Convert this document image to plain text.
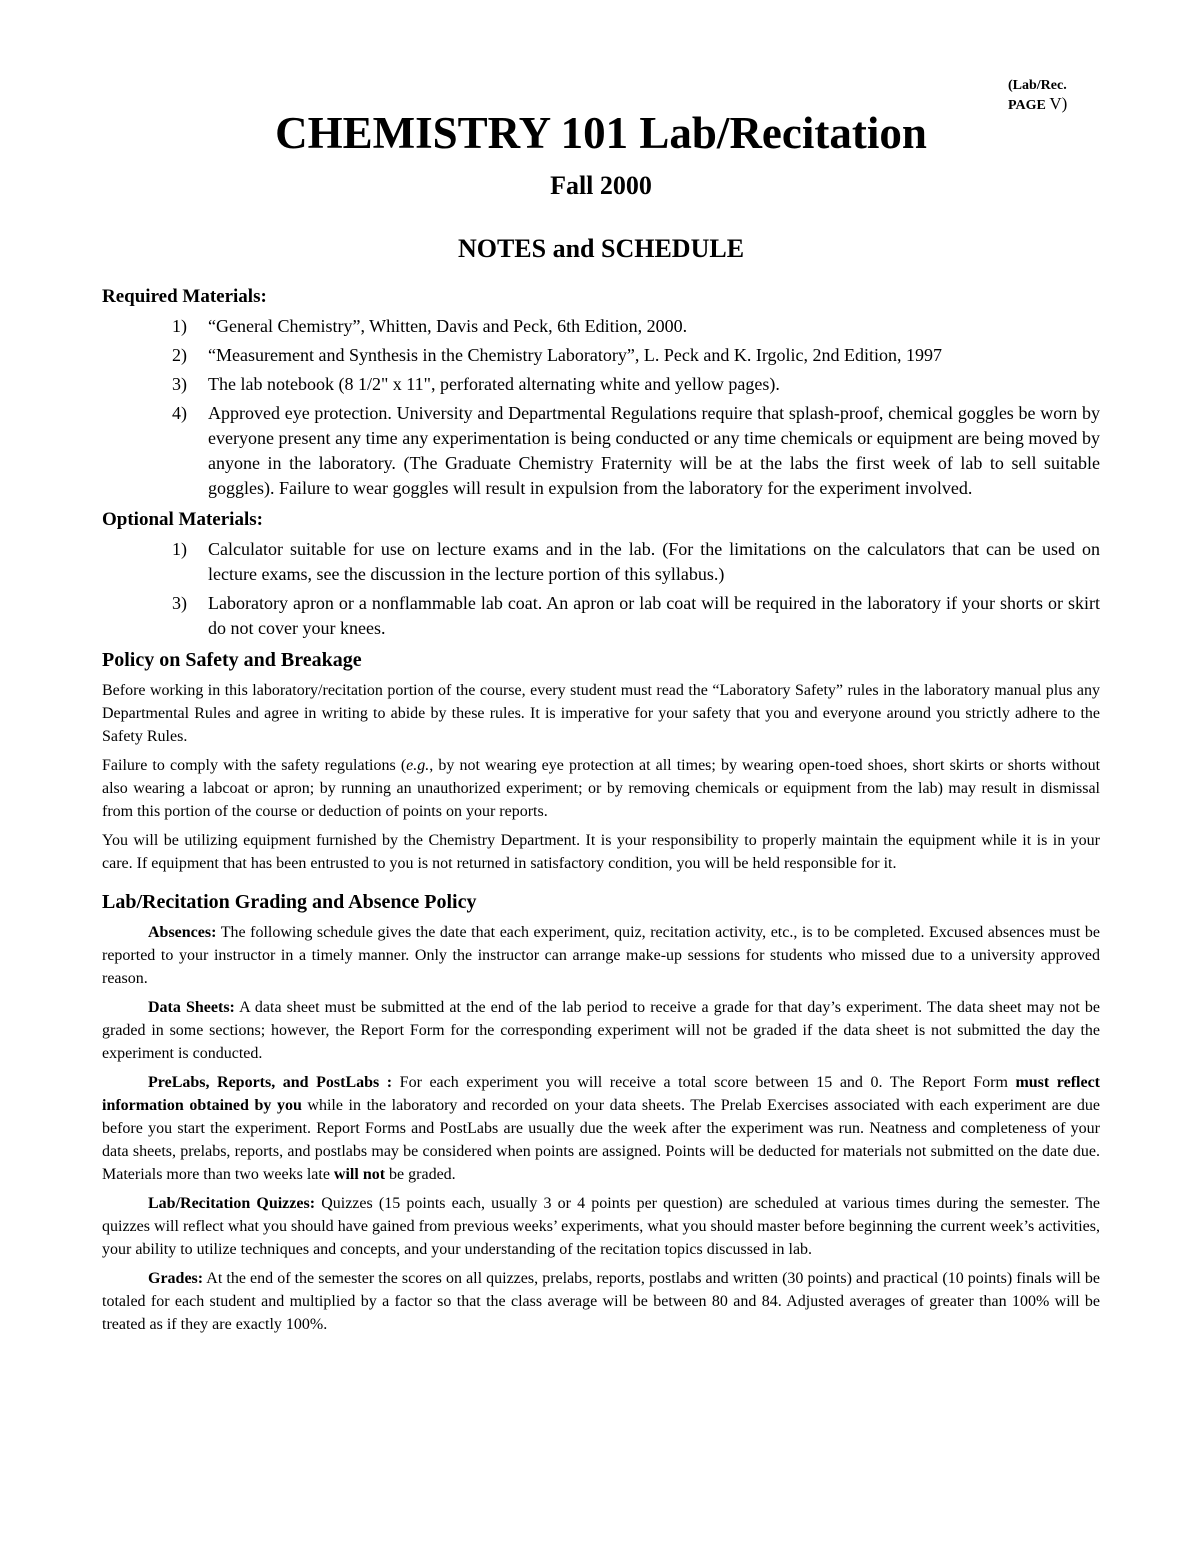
(Lab/Rec. PAGE V)
CHEMISTRY 101 Lab/Recitation
Fall 2000
NOTES and SCHEDULE
Required Materials:
1) “General Chemistry”, Whitten, Davis and Peck, 6th Edition, 2000.
2) “Measurement and Synthesis in the Chemistry Laboratory”, L. Peck and K. Irgolic, 2nd Edition, 1997
3) The lab notebook (8 1/2" x 11", perforated alternating white and yellow pages).
4) Approved eye protection. University and Departmental Regulations require that splash-proof, chemical goggles be worn by everyone present any time any experimentation is being conducted or any time chemicals or equipment are being moved by anyone in the laboratory. (The Graduate Chemistry Fraternity will be at the labs the first week of lab to sell suitable goggles). Failure to wear goggles will result in expulsion from the laboratory for the experiment involved.
Optional Materials:
1) Calculator suitable for use on lecture exams and in the lab. (For the limitations on the calculators that can be used on lecture exams, see the discussion in the lecture portion of this syllabus.)
3) Laboratory apron or a nonflammable lab coat. An apron or lab coat will be required in the laboratory if your shorts or skirt do not cover your knees.
Policy on Safety and Breakage

Before working in this laboratory/recitation portion of the course, every student must read the “Laboratory Safety” rules in the laboratory manual plus any Departmental Rules and agree in writing to abide by these rules. It is imperative for your safety that you and everyone around you strictly adhere to the Safety Rules.

Failure to comply with the safety regulations (e.g., by not wearing eye protection at all times; by wearing open-toed shoes, short skirts or shorts without also wearing a labcoat or apron; by running an unauthorized experiment; or by removing chemicals or equipment from the lab) may result in dismissal from this portion of the course or deduction of points on your reports.

You will be utilizing equipment furnished by the Chemistry Department. It is your responsibility to properly maintain the equipment while it is in your care. If equipment that has been entrusted to you is not returned in satisfactory condition, you will be held responsible for it.

Lab/Recitation Grading and Absence Policy

Absences: The following schedule gives the date that each experiment, quiz, recitation activity, etc., is to be completed. Excused absences must be reported to your instructor in a timely manner. Only the instructor can arrange make-up sessions for students who missed due to a university approved reason.

Data Sheets: A data sheet must be submitted at the end of the lab period to receive a grade for that day’s experiment. The data sheet may not be graded in some sections; however, the Report Form for the corresponding experiment will not be graded if the data sheet is not submitted the day the experiment is conducted.

PreLabs, Reports, and PostLabs : For each experiment you will receive a total score between 15 and 0. The Report Form must reflect information obtained by you while in the laboratory and recorded on your data sheets. The Prelab Exercises associated with each experiment are due before you start the experiment. Report Forms and PostLabs are usually due the week after the experiment was run. Neatness and completeness of your data sheets, prelabs, reports, and postlabs may be considered when points are assigned. Points will be deducted for materials not submitted on the date due. Materials more than two weeks late will not be graded.

Lab/Recitation Quizzes: Quizzes (15 points each, usually 3 or 4 points per question) are scheduled at various times during the semester. The quizzes will reflect what you should have gained from previous weeks’ experiments, what you should master before beginning the current week’s activities, your ability to utilize techniques and concepts, and your understanding of the recitation topics discussed in lab.

Grades: At the end of the semester the scores on all quizzes, prelabs, reports, postlabs and written (30 points) and practical (10 points) finals will be totaled for each student and multiplied by a factor so that the class average will be between 80 and 84. Adjusted averages of greater than 100% will be treated as if they are exactly 100%.
